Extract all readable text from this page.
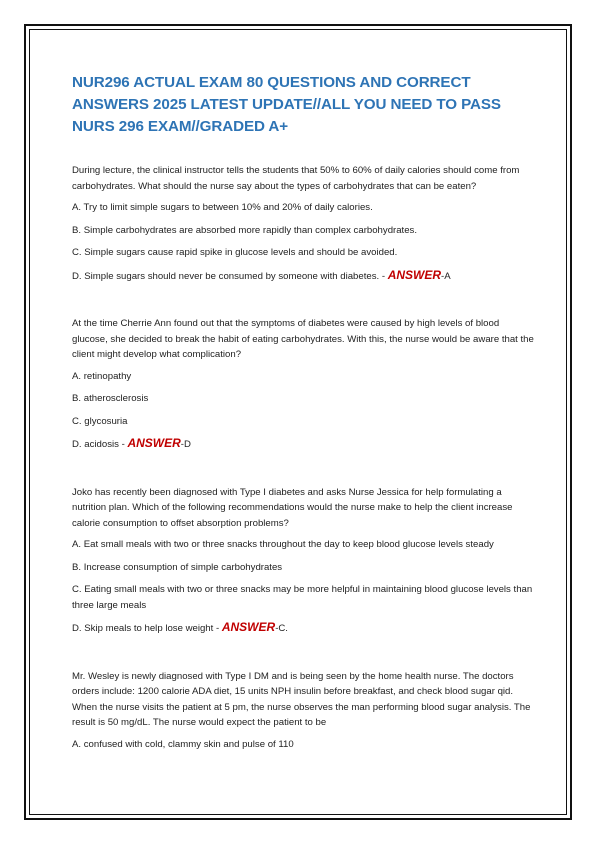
NUR296 ACTUAL EXAM 80 QUESTIONS AND CORRECT ANSWERS 2025 LATEST UPDATE//ALL YOU NEED TO PASS NURS 296 EXAM//GRADED A+

During lecture, the clinical instructor tells the students that 50% to 60% of daily calories should come from carbohydrates. What should the nurse say about the types of carbohydrates that can be eaten?

A. Try to limit simple sugars to between 10% and 20% of daily calories.

B. Simple carbohydrates are absorbed more rapidly than complex carbohydrates.

C. Simple sugars cause rapid spike in glucose levels and should be avoided.

D. Simple sugars should never be consumed by someone with diabetes. - ANSWER-A

At the time Cherrie Ann found out that the symptoms of diabetes were caused by high levels of blood glucose, she decided to break the habit of eating carbohydrates. With this, the nurse would be aware that the client might develop what complication?

A. retinopathy

B. atherosclerosis

C. glycosuria

D. acidosis - ANSWER-D

Joko has recently been diagnosed with Type I diabetes and asks Nurse Jessica for help formulating a nutrition plan. Which of the following recommendations would the nurse make to help the client increase calorie consumption to offset absorption problems?

A. Eat small meals with two or three snacks throughout the day to keep blood glucose levels steady

B. Increase consumption of simple carbohydrates

C. Eating small meals with two or three snacks may be more helpful in maintaining blood glucose levels than three large meals

D. Skip meals to help lose weight - ANSWER-C.

Mr. Wesley is newly diagnosed with Type I DM and is being seen by the home health nurse. The doctors orders include: 1200 calorie ADA diet, 15 units NPH insulin before breakfast, and check blood sugar qid. When the nurse visits the patient at 5 pm, the nurse observes the man performing blood sugar analysis. The result is 50 mg/dL. The nurse would expect the patient to be

A. confused with cold, clammy skin and pulse of 110
